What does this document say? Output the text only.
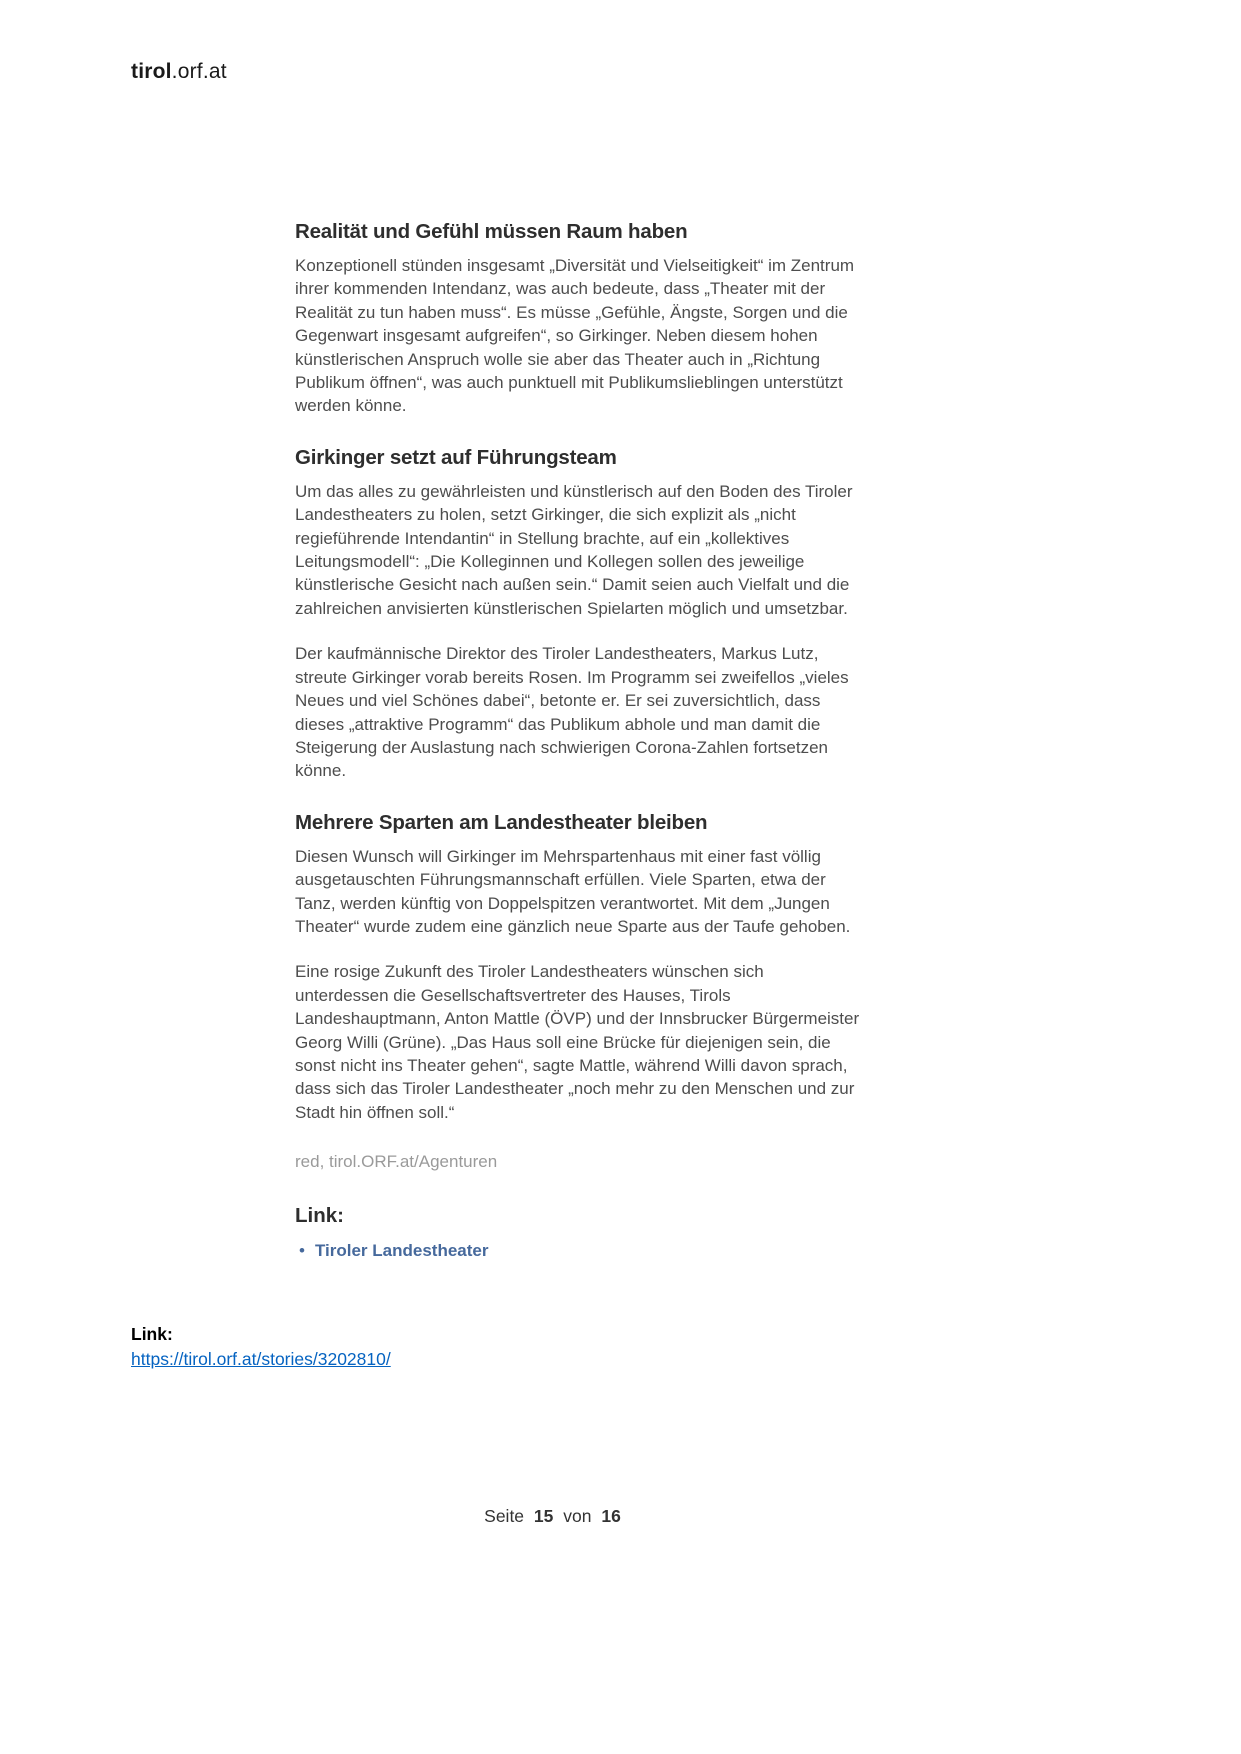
tirol.orf.at
Realität und Gefühl müssen Raum haben

Konzeptionell stünden insgesamt „Diversität und Vielseitigkeit“ im Zentrum ihrer kommenden Intendanz, was auch bedeute, dass „Theater mit der Realität zu tun haben muss“. Es müsse „Gefühle, Ängste, Sorgen und die Gegenwart insgesamt aufgreifen“, so Girkinger. Neben diesem hohen künstlerischen Anspruch wolle sie aber das Theater auch in „Richtung Publikum öffnen“, was auch punktuell mit Publikumslieblingen unterstützt werden könne.

Girkinger setzt auf Führungsteam

Um das alles zu gewährleisten und künstlerisch auf den Boden des Tiroler Landestheaters zu holen, setzt Girkinger, die sich explizit als „nicht regieführende Intendantin“ in Stellung brachte, auf ein „kollektives Leitungsmodell“: „Die Kolleginnen und Kollegen sollen des jeweilige künstlerische Gesicht nach außen sein.“ Damit seien auch Vielfalt und die zahlreichen anvisierten künstlerischen Spielarten möglich und umsetzbar.

Der kaufmännische Direktor des Tiroler Landestheaters, Markus Lutz, streute Girkinger vorab bereits Rosen. Im Programm sei zweifellos „vieles Neues und viel Schönes dabei“, betonte er. Er sei zuversichtlich, dass dieses „attraktive Programm“ das Publikum abhole und man damit die Steigerung der Auslastung nach schwierigen Corona-Zahlen fortsetzen könne.

Mehrere Sparten am Landestheater bleiben

Diesen Wunsch will Girkinger im Mehrspartenhaus mit einer fast völlig ausgetauschten Führungsmannschaft erfüllen. Viele Sparten, etwa der Tanz, werden künftig von Doppelspitzen verantwortet. Mit dem „Jungen Theater“ wurde zudem eine gänzlich neue Sparte aus der Taufe gehoben.

Eine rosige Zukunft des Tiroler Landestheaters wünschen sich unterdessen die Gesellschaftsvertreter des Hauses, Tirols Landeshauptmann, Anton Mattle (ÖVP) und der Innsbrucker Bürgermeister Georg Willi (Grüne). „Das Haus soll eine Brücke für diejenigen sein, die sonst nicht ins Theater gehen“, sagte Mattle, während Willi davon sprach, dass sich das Tiroler Landestheater „noch mehr zu den Menschen und zur Stadt hin öffnen soll.“

red, tirol.ORF.at/Agenturen
Link:
• Tiroler Landestheater
Link:
https://tirol.orf.at/stories/3202810/
Seite 15 von 16
